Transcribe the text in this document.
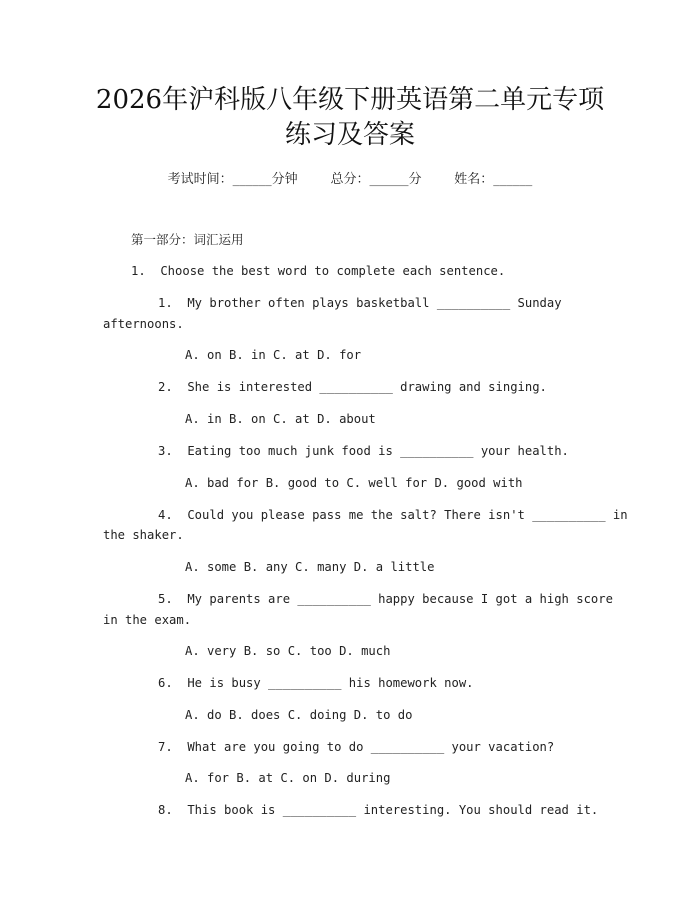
2026年沪科版八年级下册英语第二单元专项
练习及答案
考试时间：______分钟	总分：______分	姓名：______
第一部分：词汇运用
1.  Choose the best word to complete each sentence.
1.  My brother often plays basketball __________ Sunday
afternoons.
A. on B. in C. at D. for
2.  She is interested __________ drawing and singing.
A. in B. on C. at D. about
3.  Eating too much junk food is __________ your health.
A. bad for B. good to C. well for D. good with
4.  Could you please pass me the salt? There isn't __________ in
the shaker.
A. some B. any C. many D. a little
5.  My parents are __________ happy because I got a high score
in the exam.
A. very B. so C. too D. much
6.  He is busy __________ his homework now.
A. do B. does C. doing D. to do
7.  What are you going to do __________ your vacation?
A. for B. at C. on D. during
8.  This book is __________ interesting. You should read it.
